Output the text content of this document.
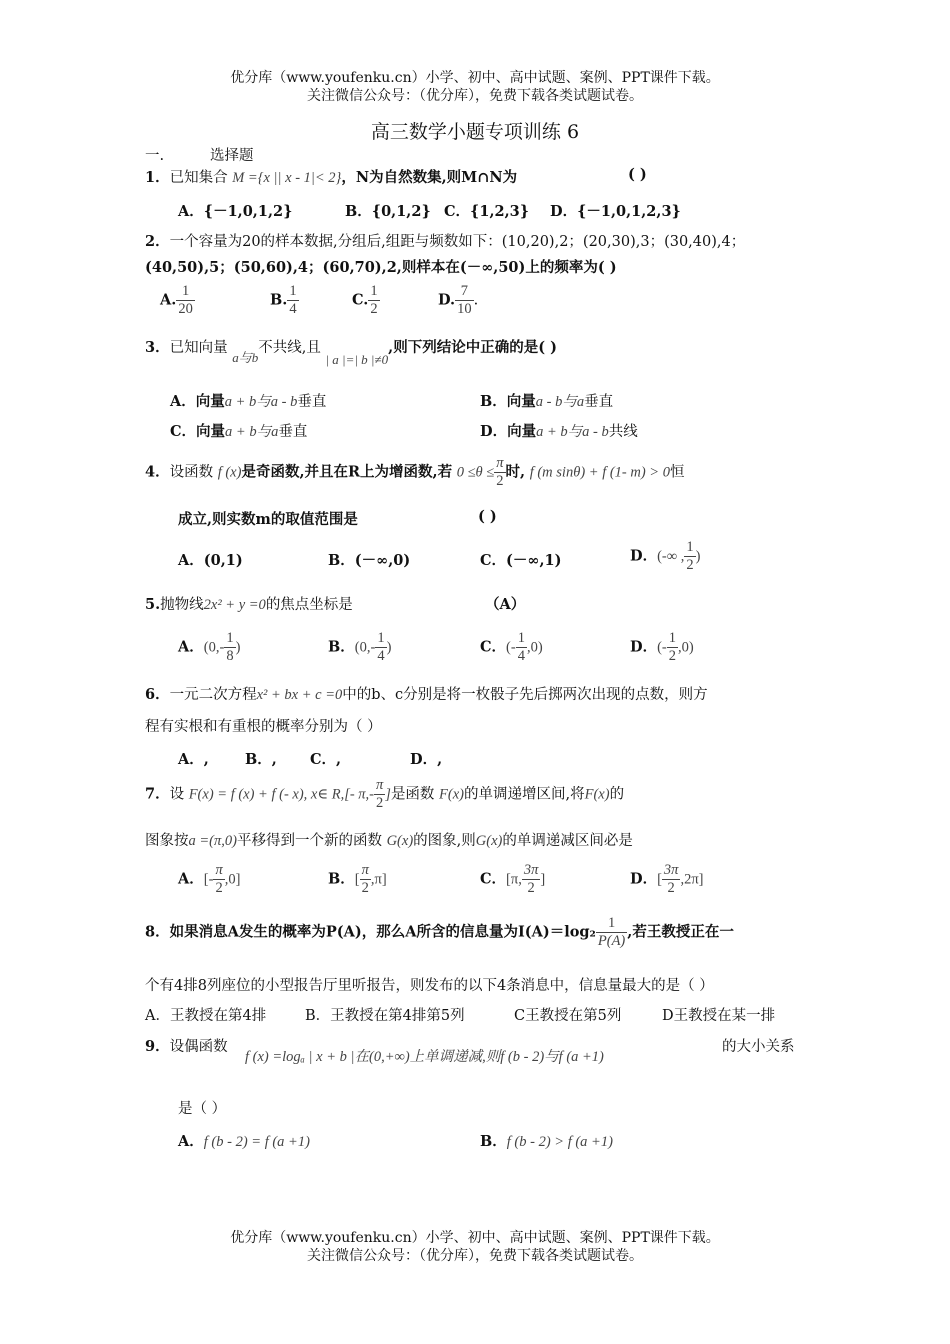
优分库（www.youfenku.cn）小学、初中、高中试题、案例、PPT课件下载。
关注微信公众号：（优分库），免费下载各类试题试卷。
高三数学小题专项训练 6
一.	选择题
1．已知集合 M ={x || x - 1|< 2}，N为自然数集,则M∩N为	( )
A．{－1,0,1,2}	B．{0,1,2} C．{1,2,3} D．{－1,0,1,2,3}
2．一个容量为20的样本数据,分组后,组距与频数如下：(10,20),2；(20,30),3；(30,40),4；
(40,50),5；(50,60),4；(60,70),2,则样本在(－∞,50)上的频率为( )
A. $\frac{1}{20}$	B. $\frac{1}{4}$	C. $\frac{1}{2}$	D. $\frac{7}{10}$ .
3．已知向量 a与b不共线,且 | a |=| b |≠0,则下列结论中正确的是( )
A．向量a + b与a - b垂直	B．向量a - b与a垂直
C．向量a + b与a垂直	D．向量a + b与a - b共线
4．设函数 f (x)是奇函数,并且在R上为增函数,若 $0 \le\theta \le \frac{\pi}{2}$ 时, f (m sinθ) + f (1- m) > 0恒
成立,则实数m的取值范围是	( )
A．(0,1)	B．(－∞,0)	C．(－∞,1)	D．(-∞ , $\frac{1}{2}$ )
5.抛物线2x² + y =0的焦点坐标是	（A）
A．($0,- \frac{1}{8}$ )	B．($0,- \frac{1}{4}$ )	C．(- $\frac{1}{4} ,0$)	D．(- $\frac{1}{2} ,0$)
6．一元二次方程x² + bx + c =0中的b、c分别是将一枚骰子先后掷两次出现的点数，则方
程有实根和有重根的概率分别为（ ）
A．, B．, C．,	D．,
7．设 F(x) = f (x) + f (- x), x∈ R,[- $\pi,- \frac{\pi}{2}$ ]是函数 F(x)的单调递增区间,将F(x)的
图象按a =(π,0)平移得到一个新的函数 G(x)的图象,则G(x)的单调递减区间必是
A．[- $\frac{\pi}{2} ,0$]	B．[ $\frac{\pi}{2} ,\pi$]	C．[π, $\frac{3\pi}{2}$ ]	D．[ $\frac{3\pi}{2} ,2\pi$]
8．如果消息A发生的概率为P(A)，那么A所含的信息量为$I(A)=\log_2 \frac{1}{P(A)}$ ,若王教授正在一
个有4排8列座位的小型报告厅里听报告，则发布的以下4条消息中，信息量最大的是（ ）
A．王教授在第4排	B．王教授在第4排第5列	C王教授在第5列	D王教授在某一排
9．设偶函数
f (x) =logₐ | x + b |在(0,+∞)上单调递减,则f (b - 2)与f (a +1)
的大小关系
是（ ）
A．f (b - 2) = f (a +1)	B．f (b - 2) > f (a +1)
优分库（www.youfenku.cn）小学、初中、高中试题、案例、PPT课件下载。
关注微信公众号：（优分库），免费下载各类试题试卷。
